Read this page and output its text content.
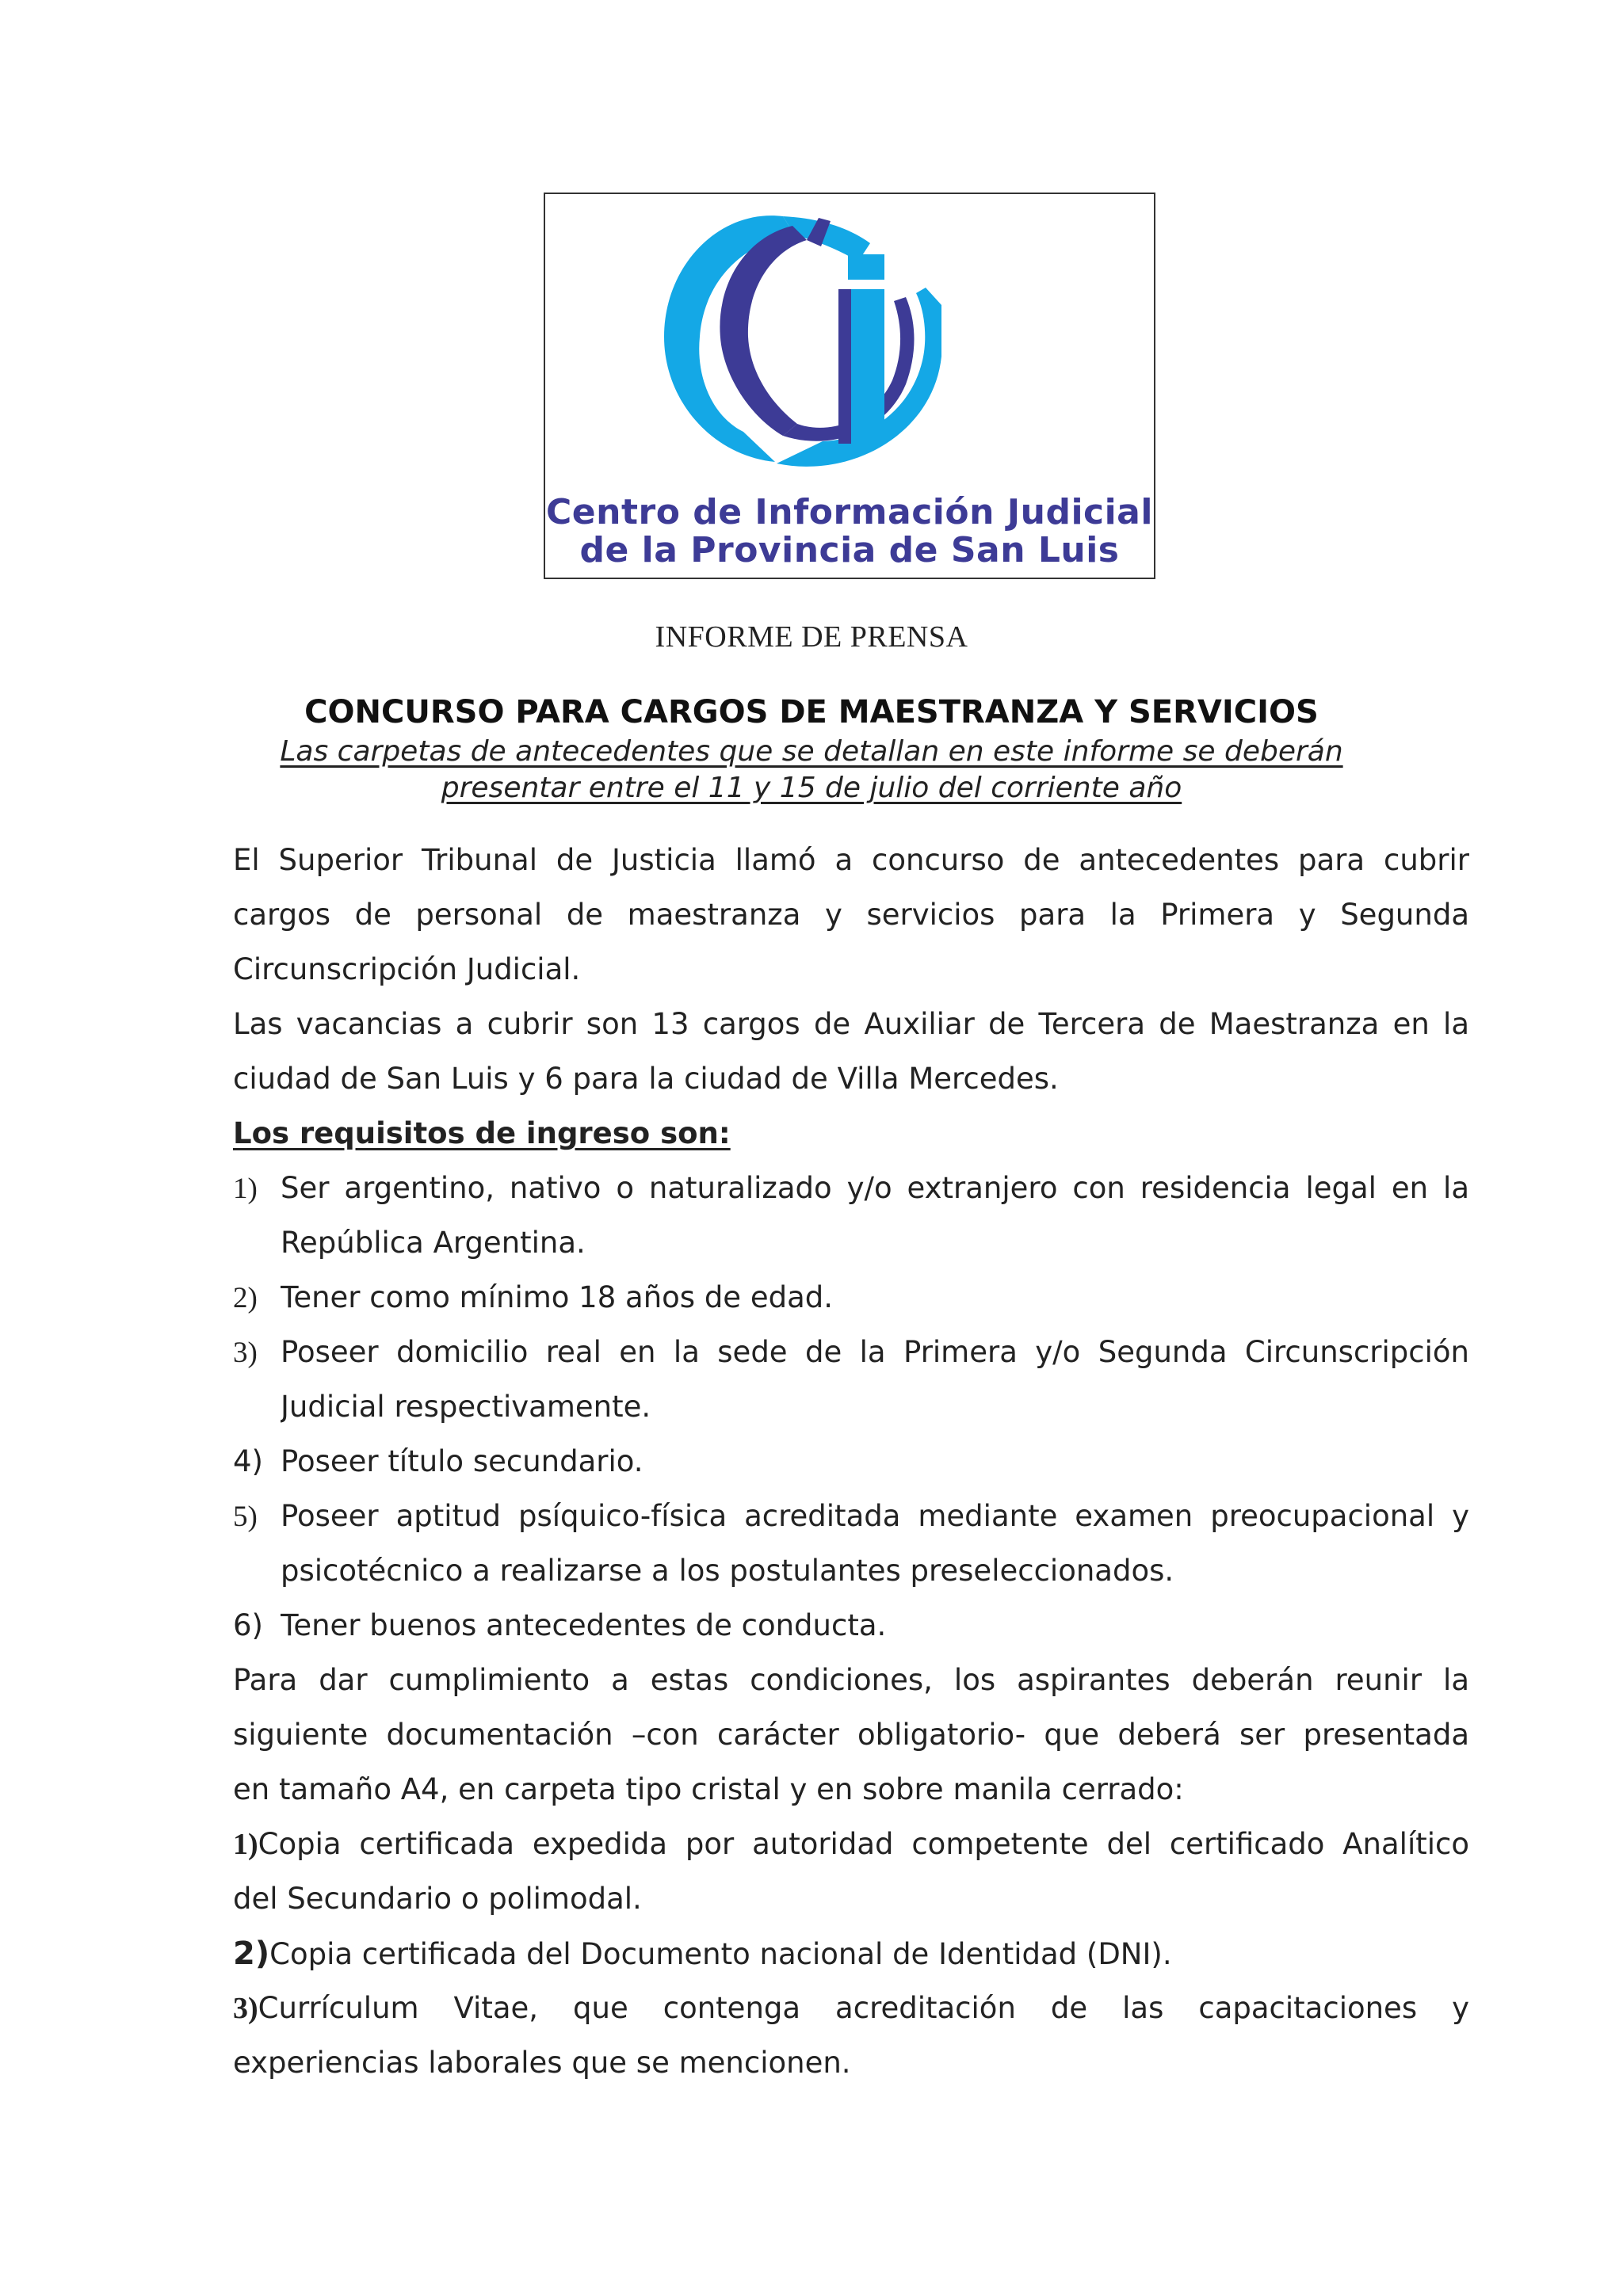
Centro de Información Judicial
de la Provincia de San Luis
INFORME DE PRENSA
CONCURSO PARA CARGOS DE MAESTRANZA Y SERVICIOS
Las carpetas de antecedentes que se detallan en este informe se deberán
presentar entre el 11 y 15 de julio del corriente año
El Superior Tribunal de Justicia llamó a concurso de antecedentes para cubrir
cargos de personal de maestranza y servicios para la Primera y Segunda
Circunscripción Judicial.
Las vacancias a cubrir son 13 cargos de Auxiliar de Tercera de Maestranza en la
ciudad de San Luis y 6 para la ciudad de Villa Mercedes.
Los requisitos de ingreso son:
1) Ser argentino, nativo o naturalizado y/o extranjero con residencia legal en la
República Argentina.
2) Tener como mínimo 18 años de edad.
3) Poseer domicilio real en la sede de la Primera y/o Segunda Circunscripción
Judicial respectivamente.
4) Poseer título secundario.
5) Poseer aptitud psíquico-física acreditada mediante examen preocupacional y
psicotécnico a realizarse a los postulantes preseleccionados.
6) Tener buenos antecedentes de conducta.
Para dar cumplimiento a estas condiciones, los aspirantes deberán reunir la
siguiente documentación –con carácter obligatorio- que deberá ser presentada
en tamaño A4, en carpeta tipo cristal y en sobre manila cerrado:
1)Copia certificada expedida por autoridad competente del certificado Analítico
del Secundario o polimodal.
2)Copia certificada del Documento nacional de Identidad (DNI).
3)Currículum Vitae, que contenga acreditación de las capacitaciones y
experiencias laborales que se mencionen.
